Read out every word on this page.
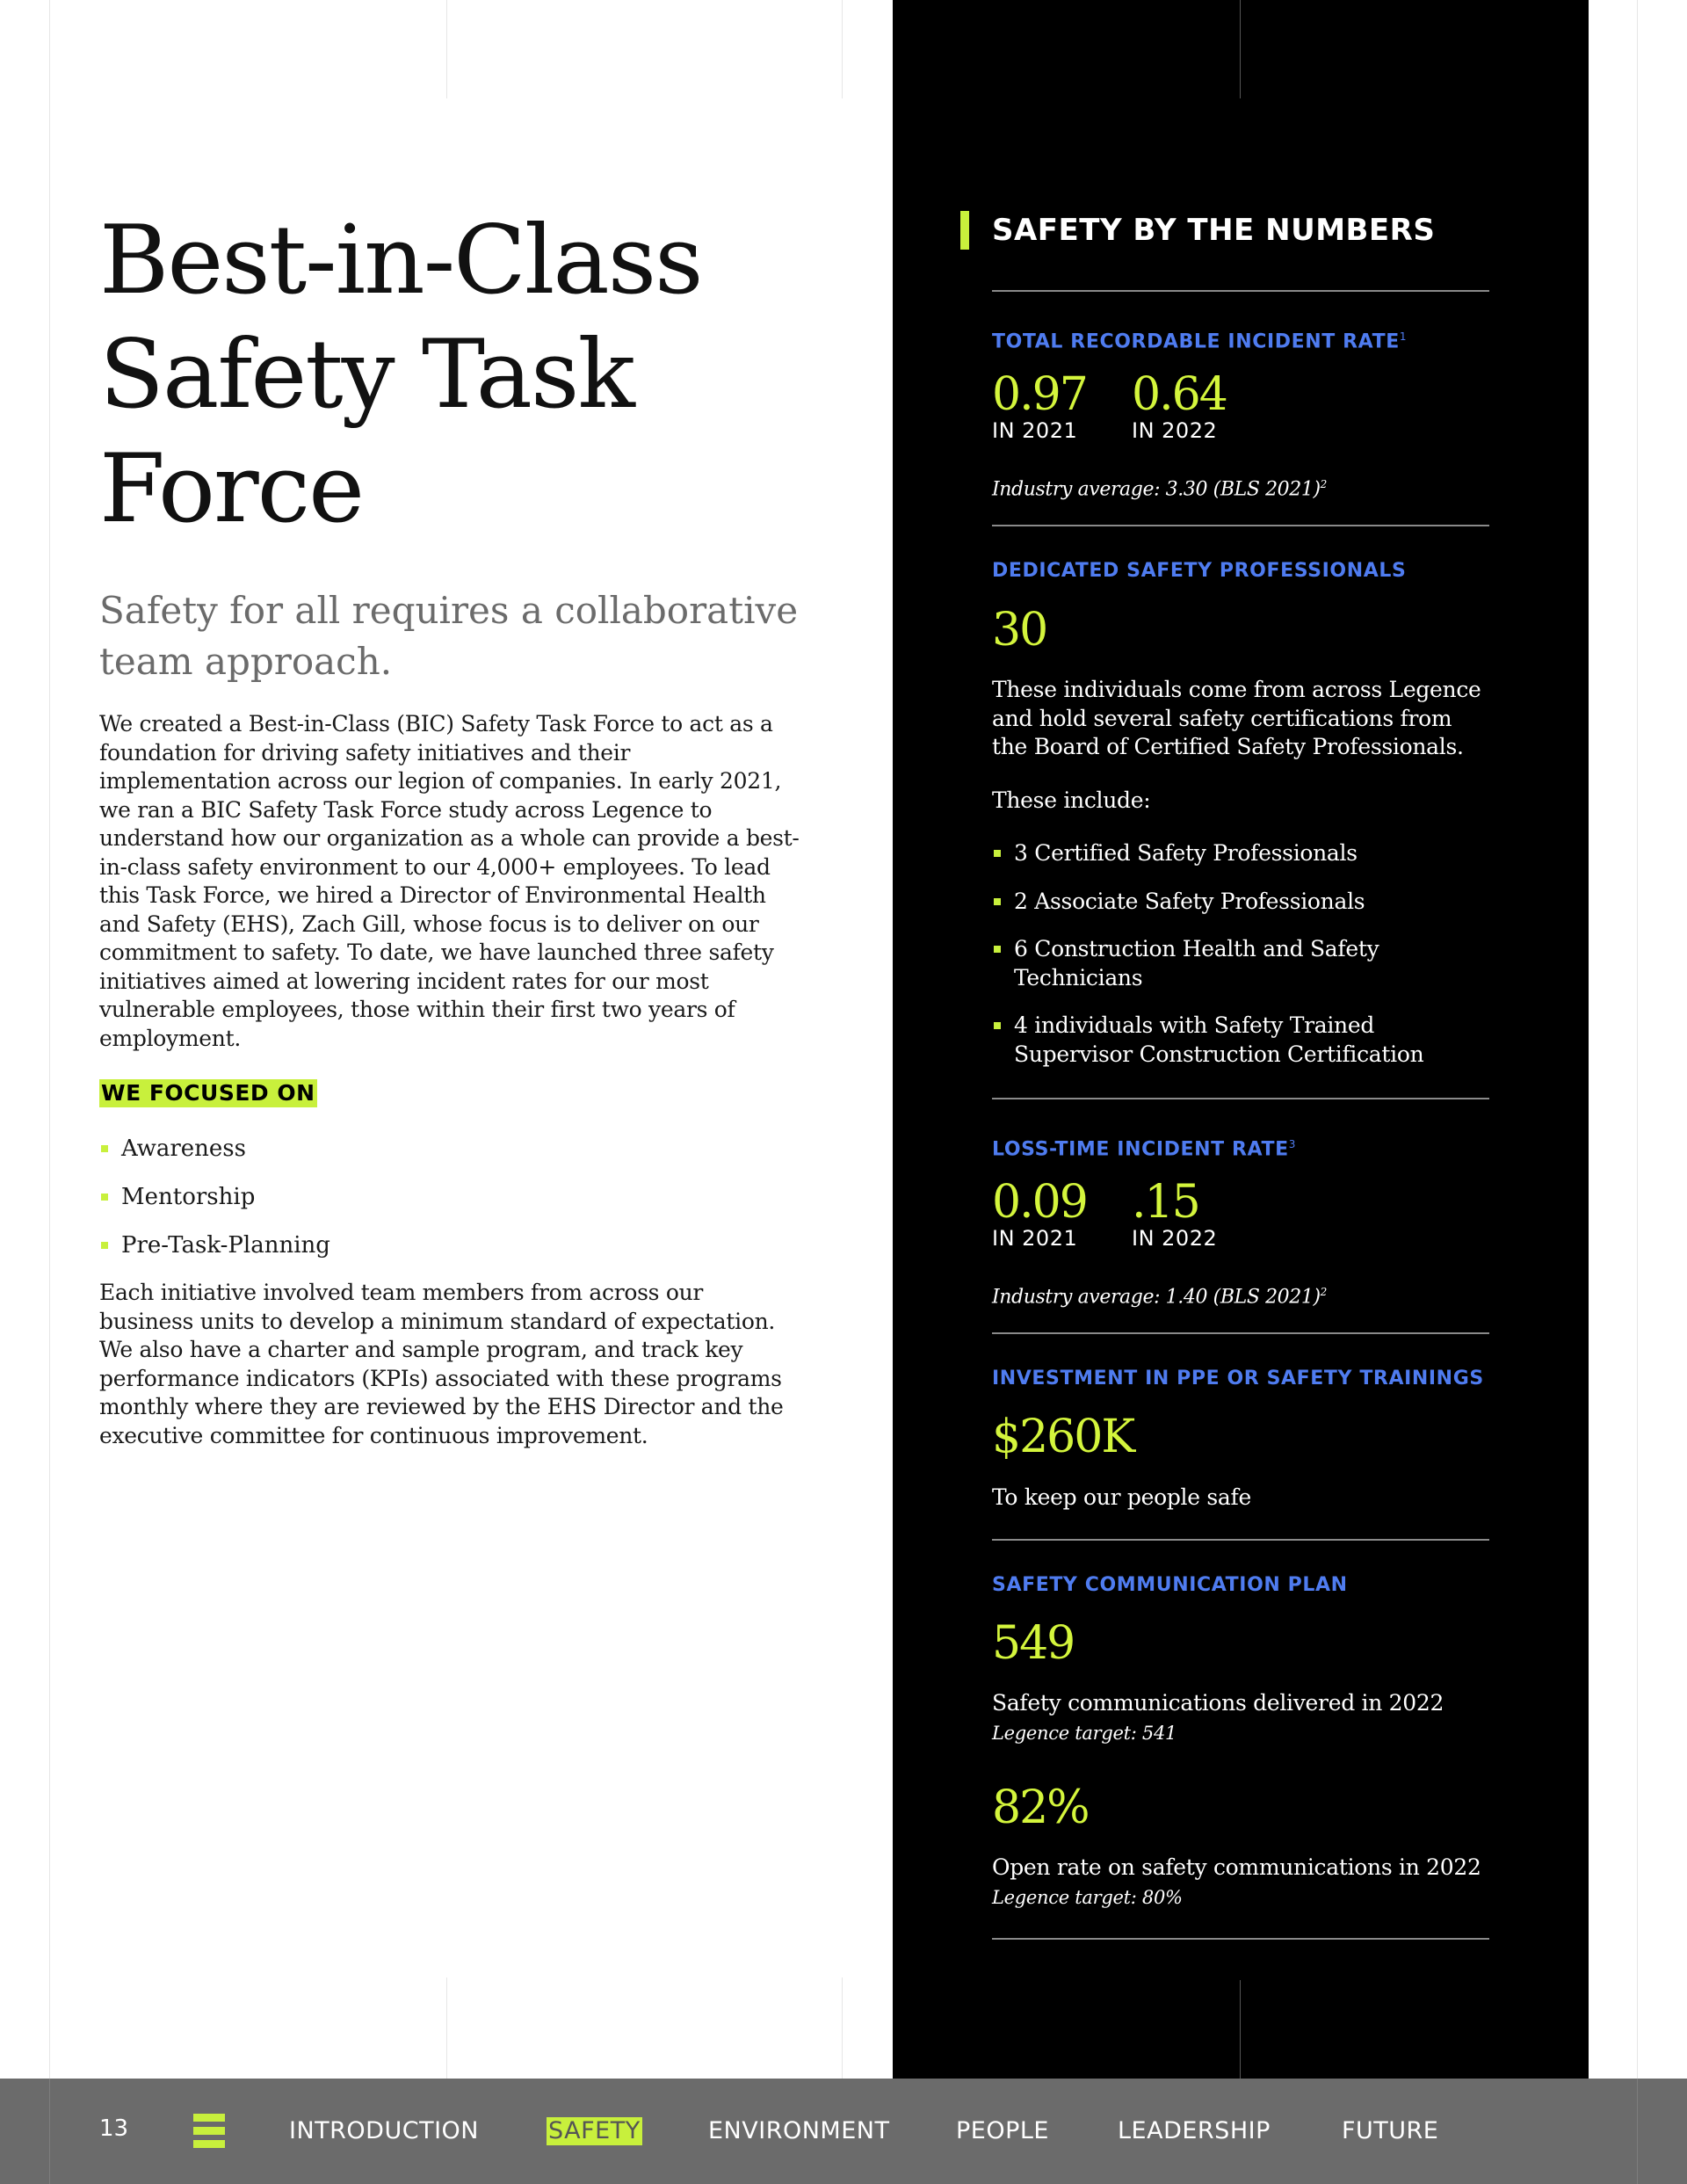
Best-in-Class
Safety Task
Force

Safety for all requires a collaborative team approach.

We created a Best-in-Class (BIC) Safety Task Force to act as a foundation for driving safety initiatives and their implementation across our legion of companies. In early 2021, we ran a BIC Safety Task Force study across Legence to understand how our organization as a whole can provide a best-in-class safety environment to our 4,000+ employees. To lead this Task Force, we hired a Director of Environmental Health and Safety (EHS), Zach Gill, whose focus is to deliver on our commitment to safety. To date, we have launched three safety initiatives aimed at lowering incident rates for our most vulnerable employees, those within their first two years of employment.

WE FOCUSED ON
Awareness
Mentorship
Pre-Task-Planning

Each initiative involved team members from across our business units to develop a minimum standard of expectation. We also have a charter and sample program, and track key performance indicators (KPIs) associated with these programs monthly where they are reviewed by the EHS Director and the executive committee for continuous improvement.

SAFETY BY THE NUMBERS
TOTAL RECORDABLE INCIDENT RATE$^1$
0.97
IN 2021
0.64
IN 2022
Industry average: 3.30 (BLS 2021)$^2$
DEDICATED SAFETY PROFESSIONALS
30

These individuals come from across Legence and hold several safety certifications from the Board of Certified Safety Professionals.

These include:

3 Certified Safety Professionals
2 Associate Safety Professionals
6 Construction Health and Safety Technicians
4 individuals with Safety Trained Supervisor Construction Certification
LOSS-TIME INCIDENT RATE$^3$
0.09
IN 2021
.15
IN 2022
Industry average: 1.40 (BLS 2021)$^2$
INVESTMENT IN PPE OR SAFETY TRAININGS
$260K

To keep our people safe

SAFETY COMMUNICATION PLAN
549

Safety communications delivered in 2022

Legence target: 541
82%

Open rate on safety communications in 2022

Legence target: 80%
13	INTRODUCTION	SAFETY	ENVIRONMENT	PEOPLE	LEADERSHIP	FUTURE
